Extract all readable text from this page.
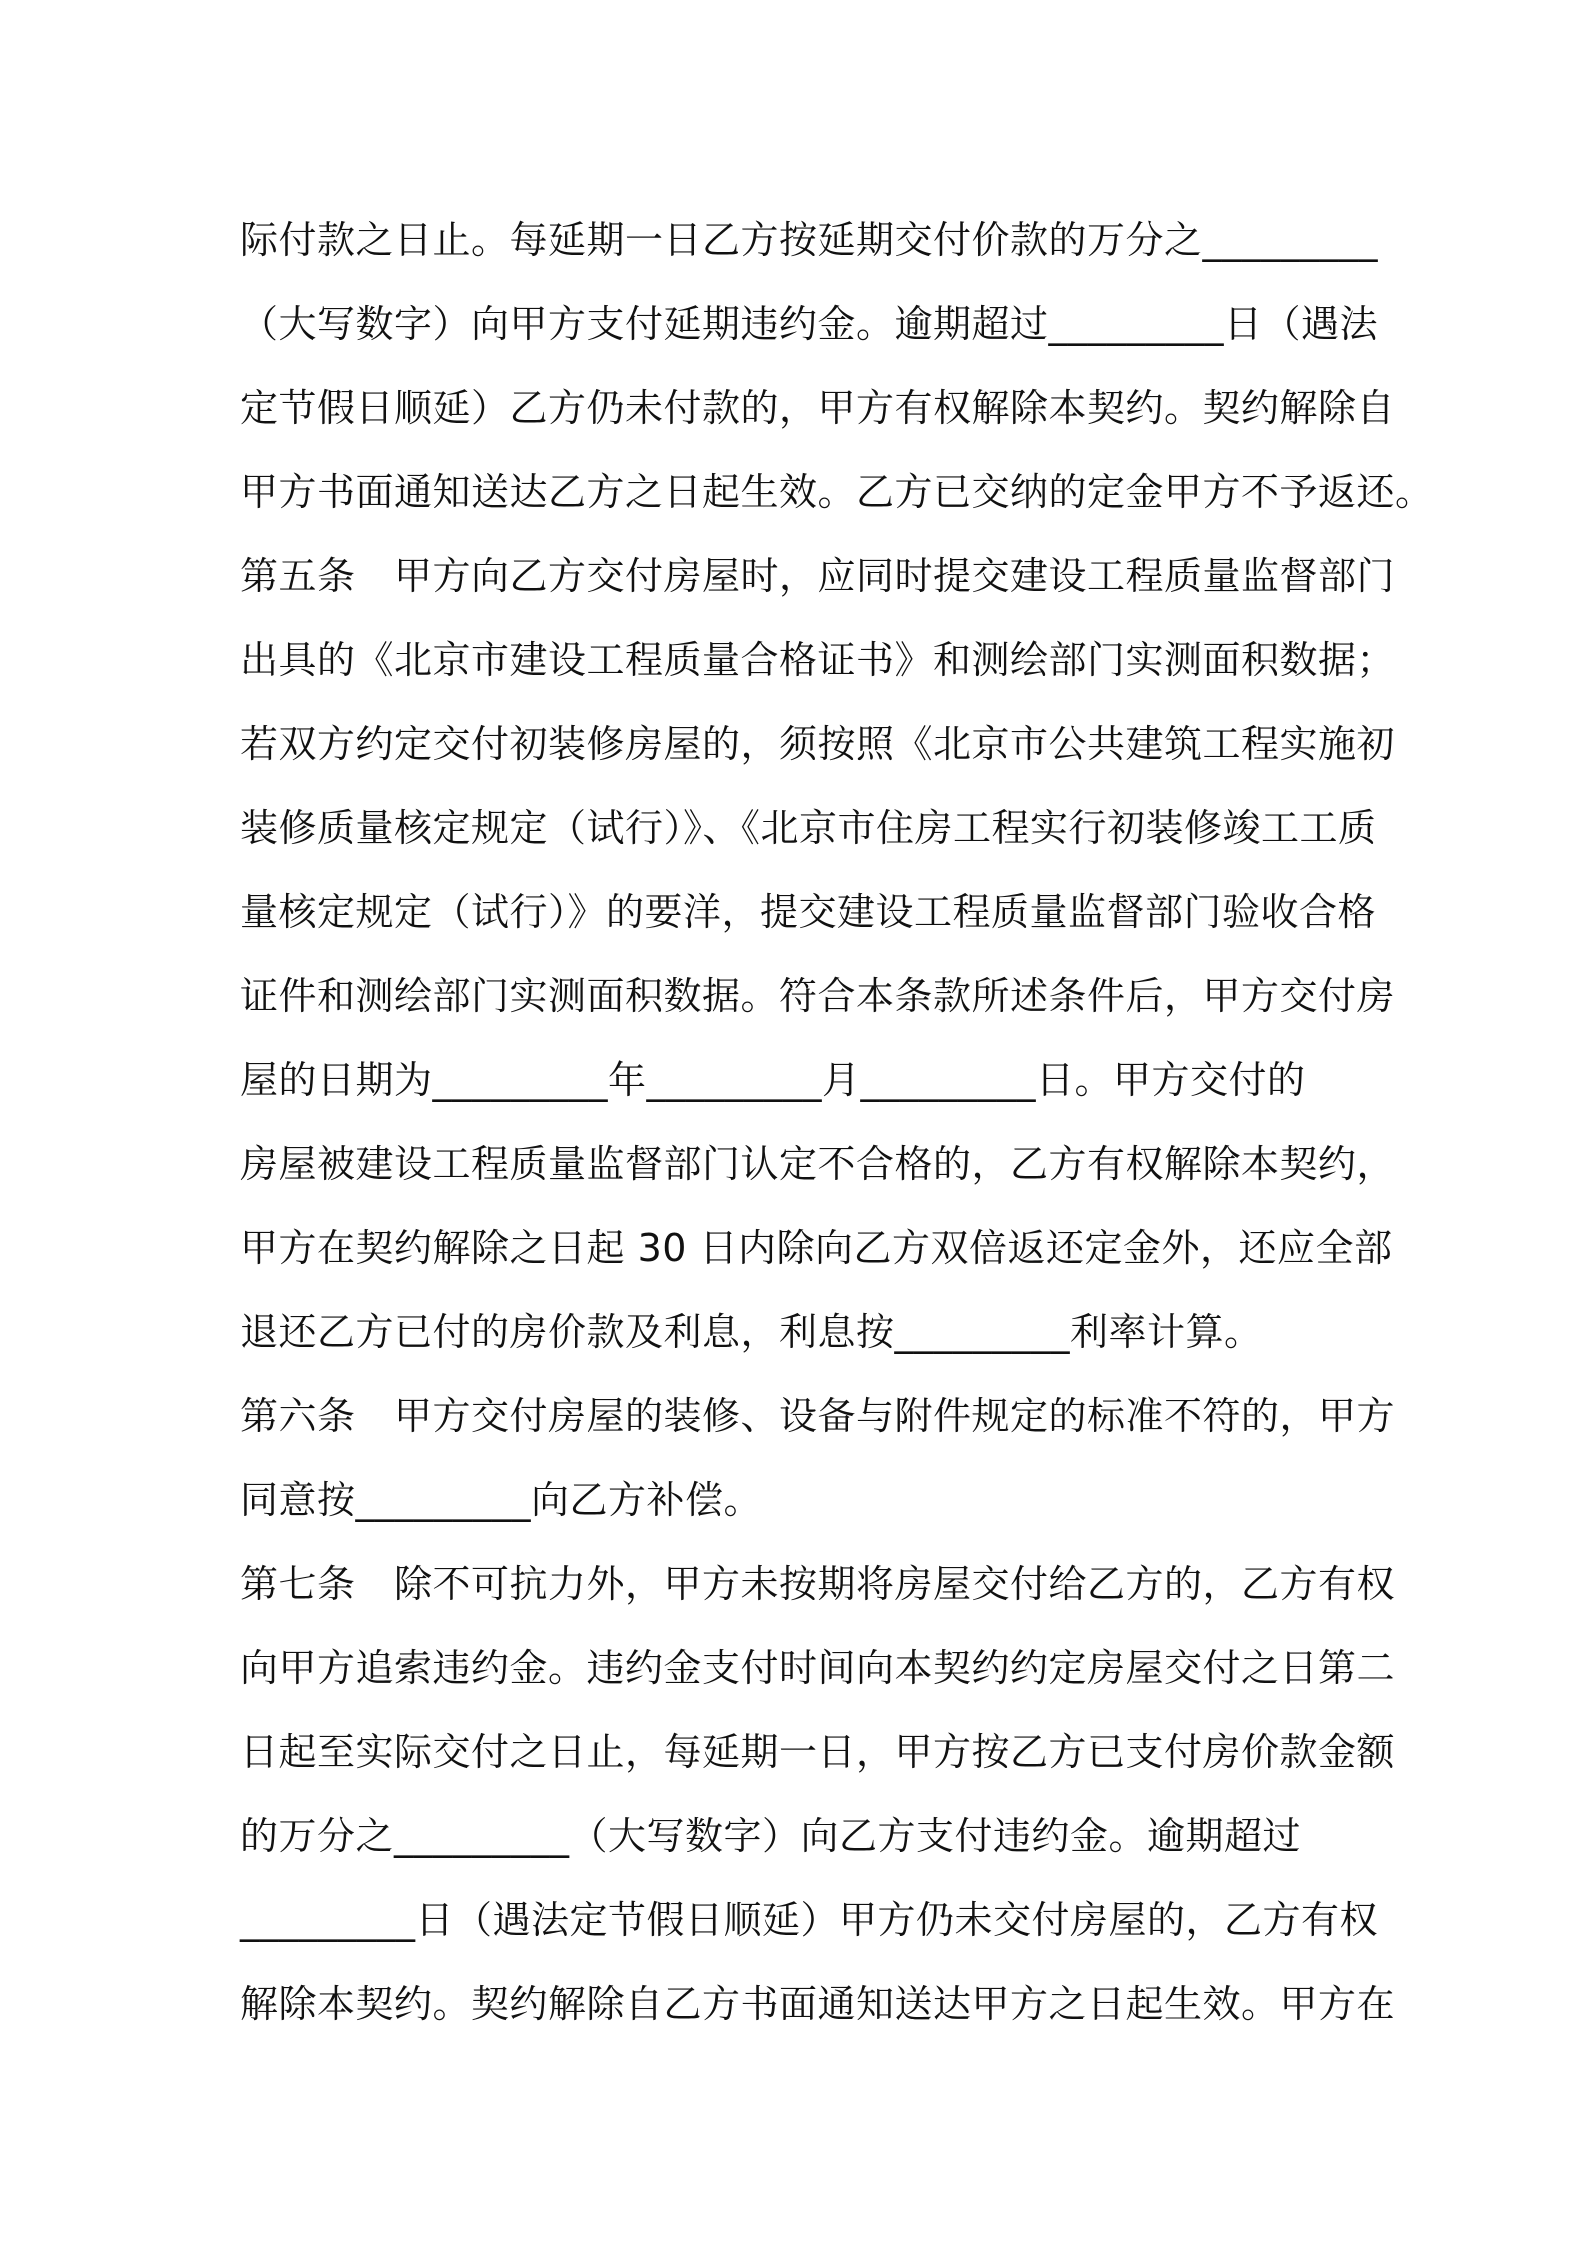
际付款之日止。每延期一日乙方按延期交付价款的万分之_________
（大写数字）向甲方支付延期违约金。逾期超过_________日（遇法
定节假日顺延）乙方仍未付款的，甲方有权解除本契约。契约解除自
甲方书面通知送达乙方之日起生效。乙方已交纳的定金甲方不予返还。
第五条　甲方向乙方交付房屋时，应同时提交建设工程质量监督部门
出具的《北京市建设工程质量合格证书》和测绘部门实测面积数据；
若双方约定交付初装修房屋的，须按照《北京市公共建筑工程实施初
装修质量核定规定（试行）》、《北京市住房工程实行初装修竣工工质
量核定规定（试行）》的要洋，提交建设工程质量监督部门验收合格
证件和测绘部门实测面积数据。符合本条款所述条件后，甲方交付房
屋的日期为_________年_________月_________日。甲方交付的
房屋被建设工程质量监督部门认定不合格的，乙方有权解除本契约，
甲方在契约解除之日起 30 日内除向乙方双倍返还定金外，还应全部
退还乙方已付的房价款及利息，利息按_________利率计算。
第六条　甲方交付房屋的装修、设备与附件规定的标准不符的，甲方
同意按_________向乙方补偿。
第七条　除不可抗力外，甲方未按期将房屋交付给乙方的，乙方有权
向甲方追索违约金。违约金支付时间向本契约约定房屋交付之日第二
日起至实际交付之日止，每延期一日，甲方按乙方已支付房价款金额
的万分之_________（大写数字）向乙方支付违约金。逾期超过
_________日（遇法定节假日顺延）甲方仍未交付房屋的，乙方有权
解除本契约。契约解除自乙方书面通知送达甲方之日起生效。甲方在
